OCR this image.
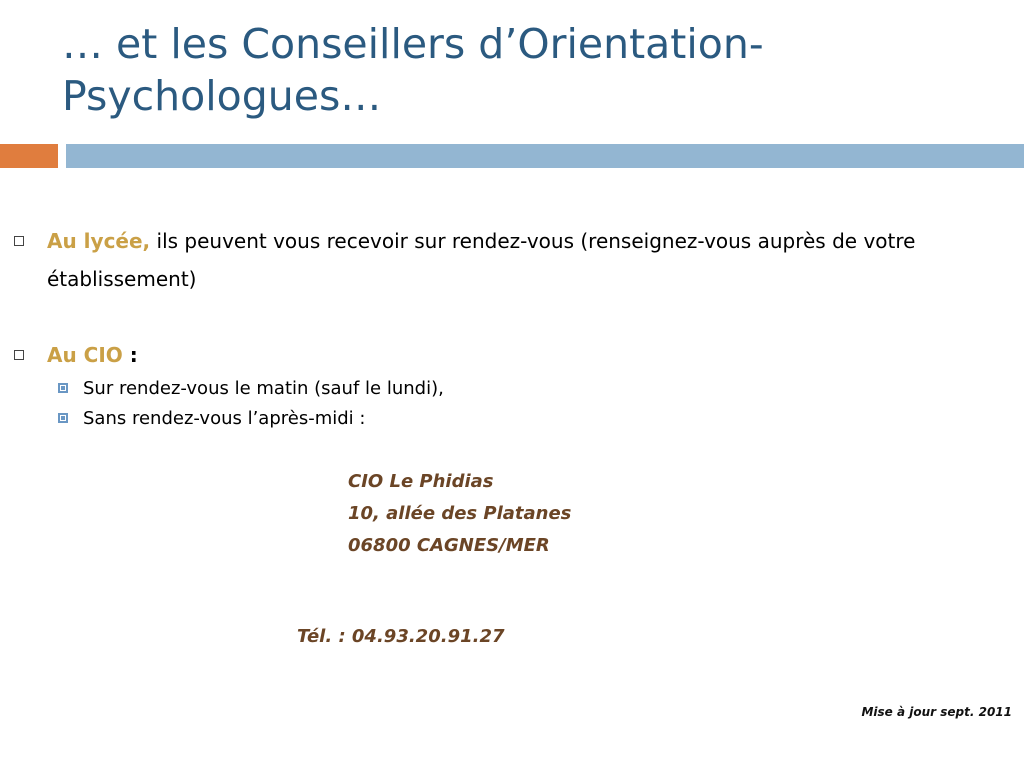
… et les Conseillers d’Orientation-
Psychologues…
Au lycée, ils peuvent vous recevoir sur rendez-vous (renseignez-vous auprès de votre établissement)
Au CIO :
Sur rendez-vous le matin (sauf le lundi),
Sans rendez-vous l’après-midi :
CIO Le Phidias
10, allée des Platanes
06800 CAGNES/MER
Tél. : 04.93.20.91.27
Mise à jour sept. 2011
